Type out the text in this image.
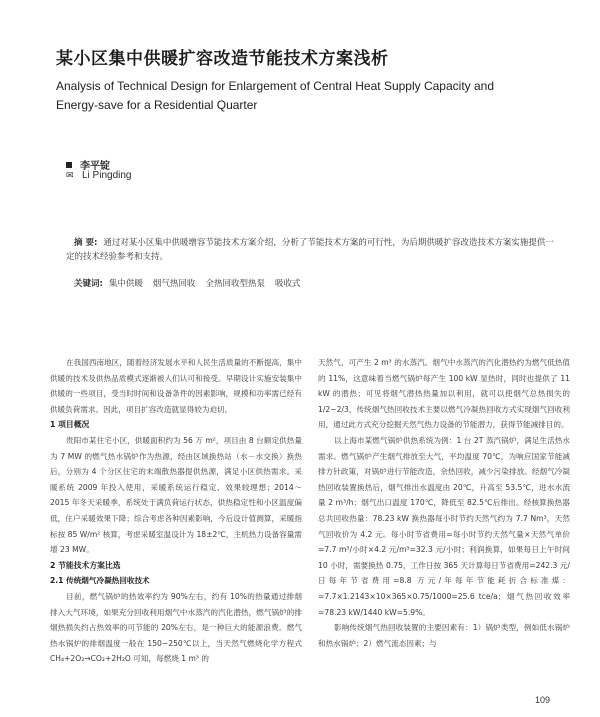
某小区集中供暖扩容改造节能技术方案浅析
Analysis of Technical Design for Enlargement of Central Heat Supply Capacity and Energy-save for a Residential Quarter
李平锭
✉ Li Pingding
摘 要: 通过对某小区集中供暖增容节能技术方案介绍，分析了节能技术方案的可行性，为后期供暖扩容改造技术方案实施提供一定的技术经验参考和支持。
关键词: 集中供暖 烟气热回收 全热回收型热泵 吸收式

在我国西南地区，随着经济发展水平和人民生活质量的不断提高，集中供暖的技术及供热品质模式逐渐被人们认可和接受。早期设计实施安装集中供暖的一些项目，受当时时间和设备条件的因素影响，规模和功率需已经有供暖负荷需求。因此，项目扩容改造就显得较为迫切。

1 项目概况

贵阳市某住宅小区，供暖面积约为 56 万 m²，项目由 8 台额定供热量为 7 MW 的燃气热水锅炉作为热源，经由区域换热站（水－水交换）换热后，分别为 4 个分区住宅的末端散热器提供热源，满足小区供热需求。采暖系统 2009 年投入使用，采暖系统运行稳定、效果较理想；2014～2015 年冬天采暖季，系统处于满负荷运行状态，供热稳定性和小区温度偏低，住户采暖效果下降；综合考虑各种因素影响，今后设计值测算，采暖指标按 85 W/m² 核算，考虑采暖室温设计为 18±2℃，主机热力设备容量需增 23 MW。

2 节能技术方案比选
2.1 传统烟气冷凝热回收技术

目前，燃气锅炉的热效率约为 90%左右，约有 10%的热量通过排烟排入大气环境，如果充分回收利用烟气中水蒸汽的汽化潜热，燃气锅炉的排烟热损失约占热效率的可节能的 20%左右，是一种巨大的能源浪费。燃气热水锅炉的排烟温度一般在 150~250℃以上，当天然气燃烧化学方程式 CH₄+2O₂→CO₂+2H₂O 可知，每燃烧 1 m³ 的

天然气，可产生 2 m³ 的水蒸汽。烟气中水蒸汽的汽化潜热约为燃气低热值的 11%，这意味着当燃气锅炉每产生 100 kW 显热时，同时也提供了 11 kW 的潜热；可见将烟气潜热热量加以利用，就可以使烟气总热损失的 1/2~2/3，传统烟气热回收技术主要以燃气冷凝热回收方式实现烟气回收利用，通过此方式充分挖掘天然气热力设备的节能潜力，获得节能减排目的。

以上海市某燃气锅炉供热系统为例：1 台 2T 蒸汽锅炉，满足生活热水需求。燃气锅炉产生烟气排放至大气，平均温度 70℃，为响应国家节能减排方针政策，对锅炉进行节能改造，余热回收，减少污染排放。经烟气冷凝热回收装置换热后，烟气排出水温度由 20℃，升高至 53.5℃，进水水流量 2 m³/h；烟气出口温度 170℃，降低至 82.5℃后排出。经核算换热器总共回收热量：78.23 kW 换热器每小时节约天然气约为 7.7 Nm³，天然气回收价为 4.2 元。每小时节省费用=每小时节约天然气量×天然气单价=7.7 m³/小时×4.2 元/m³=32.3 元/小时；利润换算，如果每日上午时间 10 小时，需要换热 0.75，工作日按 365 天计算每日节省费用=242.3 元/日每年节省费用=8.8 万元/年每年节能耗折合标准煤：=7.7×1.2143×10×365×0.75/1000=25.6 tce/a；烟气热回收效率=78.23 kW/1440 kW=5.9%。

影响传统烟气热回收装置的主要因素有：1）锅炉类型，例如低水锅炉和热水锅炉；2）燃气流态因素；与

109
